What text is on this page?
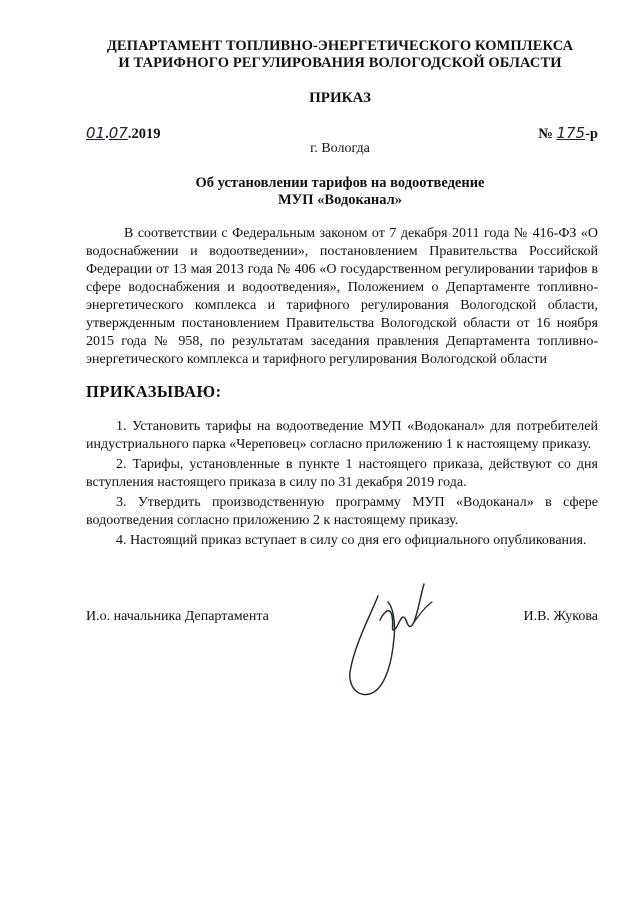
ДЕПАРТАМЕНТ ТОПЛИВНО-ЭНЕРГЕТИЧЕСКОГО КОМПЛЕКСА
И ТАРИФНОГО РЕГУЛИРОВАНИЯ ВОЛОГОДСКОЙ ОБЛАСТИ
ПРИКАЗ
01.07.2019	№ 175-р
г. Вологда
Об установлении тарифов на водоотведение
МУП «Водоканал»
В соответствии с Федеральным законом от 7 декабря 2011 года № 416-ФЗ «О водоснабжении и водоотведении», постановлением Правительства Российской Федерации от 13 мая 2013 года № 406 «О государственном регулировании тарифов в сфере водоснабжения и водоотведения», Положением о Департаменте топливно-энергетического комплекса и тарифного регулирования Вологодской области, утвержденным постановлением Правительства Вологодской области от 16 ноября 2015 года № 958, по результатам заседания правления Департамента топливно-энергетического комплекса и тарифного регулирования Вологодской области
ПРИКАЗЫВАЮ:

1. Установить тарифы на водоотведение МУП «Водоканал» для потребителей индустриального парка «Череповец» согласно приложению 1 к настоящему приказу.

2. Тарифы, установленные в пункте 1 настоящего приказа, действуют со дня вступления настоящего приказа в силу по 31 декабря 2019 года.

3. Утвердить производственную программу МУП «Водоканал» в сфере водоотведения согласно приложению 2 к настоящему приказу.

4. Настоящий приказ вступает в силу со дня его официального опубликования.

И.о. начальника Департамента	И.В. Жукова
